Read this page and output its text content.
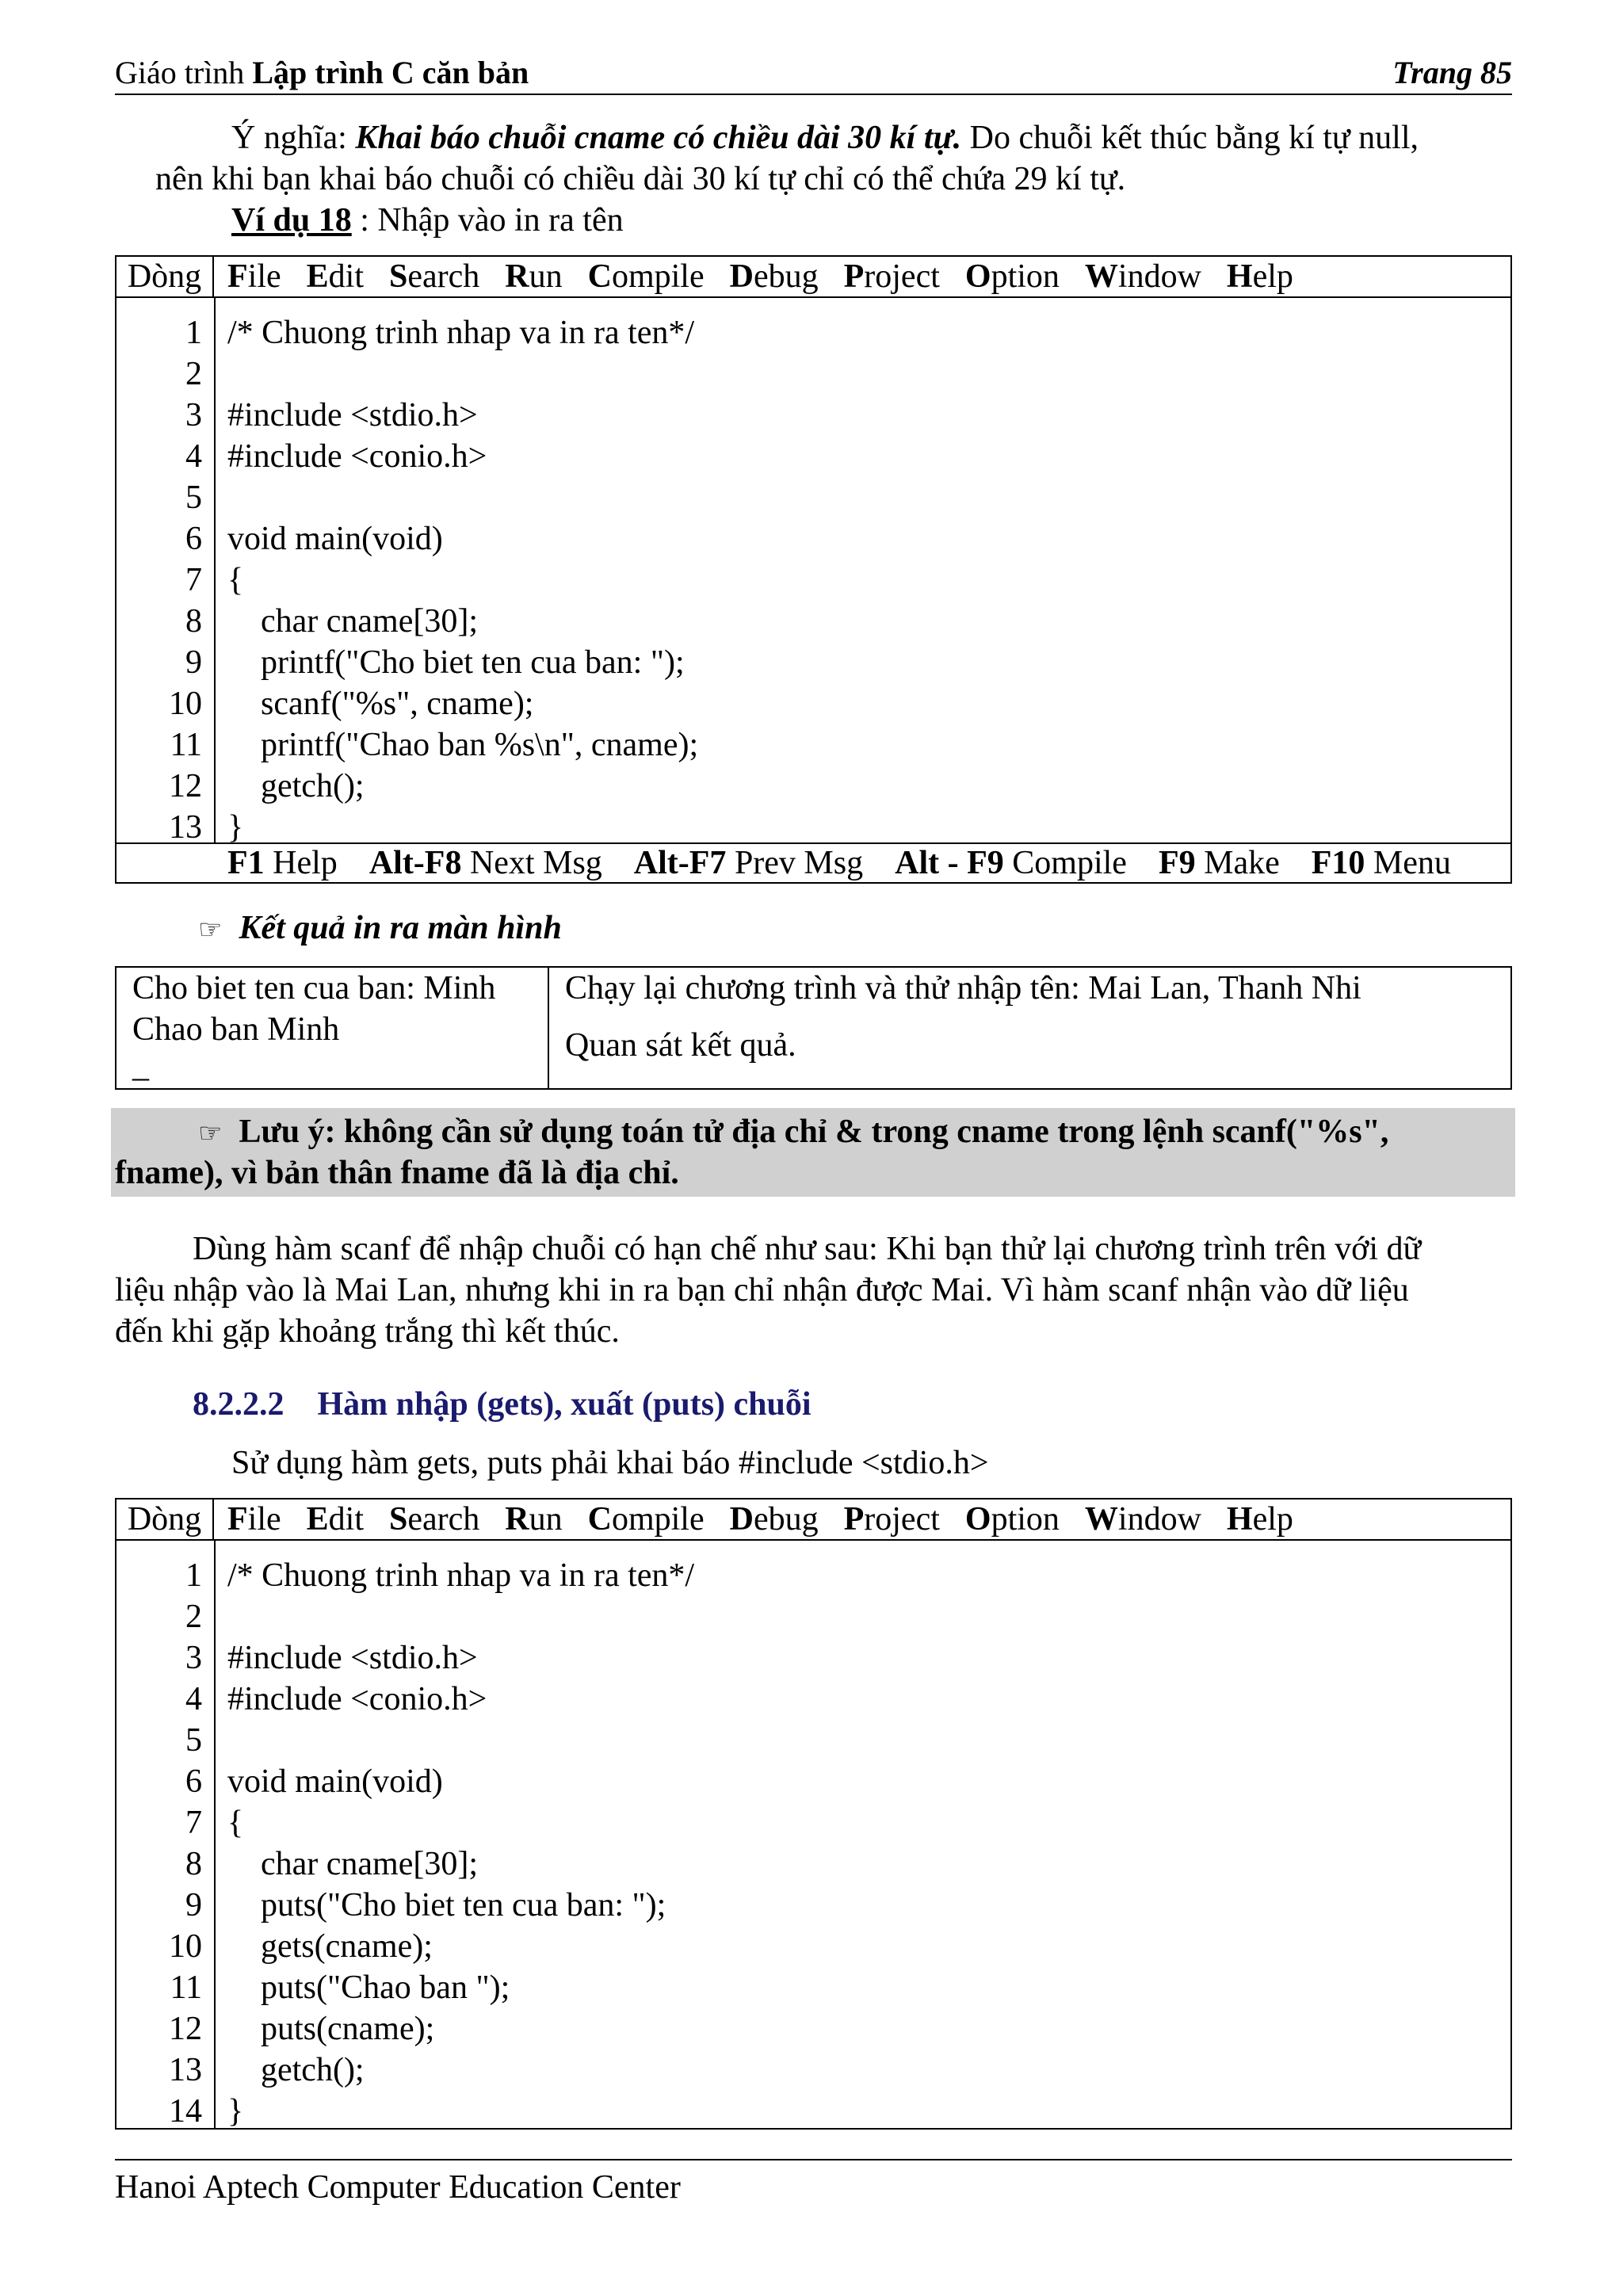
Giáo trình Lập trình C căn bản	Trang 85
Ý nghĩa: Khai báo chuỗi cname có chiều dài 30 kí tự. Do chuỗi kết thúc bằng kí tự null,
nên khi bạn khai báo chuỗi có chiều dài 30 kí tự chỉ có thể chứa 29 kí tự.
Ví dụ 18 : Nhập vào in ra tên
Dòng File Edit Search Run Compile Debug Project Option Window Help
1
2
3
4
5
6
7
8
9
10
11
12
13
/* Chuong trinh nhap va in ra ten*/

#include <stdio.h>
#include <conio.h>

void main(void)
{
char cname[30];
printf("Cho biet ten cua ban: ");
scanf("%s", cname);
printf("Chao ban %s\n", cname);
getch();
}
F1 Help Alt-F8 Next Msg Alt-F7 Prev Msg Alt - F9 Compile F9 Make F10 Menu
☞ Kết quả in ra màn hình
Cho biet ten cua ban: Minh
Chao ban Minh
_
Chạy lại chương trình và thử nhập tên: Mai Lan, Thanh Nhi
Quan sát kết quả.
☞ Lưu ý: không cần sử dụng toán tử địa chỉ & trong cname trong lệnh scanf("%s",
fname), vì bản thân fname đã là địa chỉ.
Dùng hàm scanf để nhập chuỗi có hạn chế như sau: Khi bạn thử lại chương trình trên với dữ
liệu nhập vào là Mai Lan, nhưng khi in ra bạn chỉ nhận được Mai. Vì hàm scanf nhận vào dữ liệu
đến khi gặp khoảng trắng thì kết thúc.
8.2.2.2 Hàm nhập (gets), xuất (puts) chuỗi
Sử dụng hàm gets, puts phải khai báo #include <stdio.h>
Dòng File Edit Search Run Compile Debug Project Option Window Help
1
2
3
4
5
6
7
8
9
10
11
12
13
14
/* Chuong trinh nhap va in ra ten*/

#include <stdio.h>
#include <conio.h>

void main(void)
{
char cname[30];
puts("Cho biet ten cua ban: ");
gets(cname);
puts("Chao ban ");
puts(cname);
getch();
}
Hanoi Aptech Computer Education Center
